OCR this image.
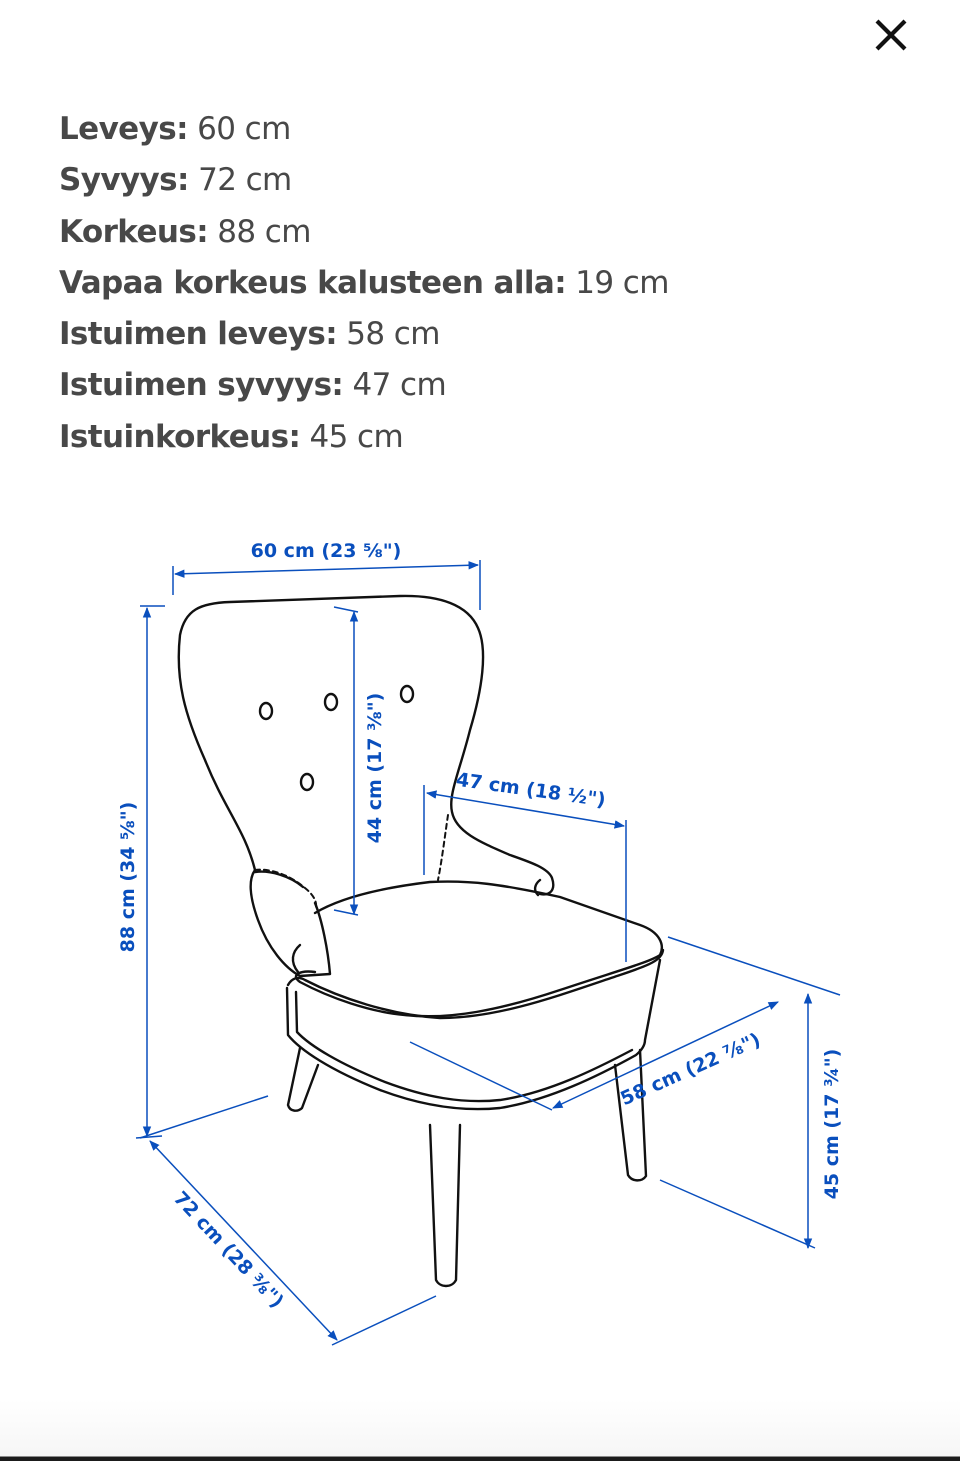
Leveys: 60 cm
Syvyys: 72 cm
Korkeus: 88 cm
Vapaa korkeus kalusteen alla: 19 cm
Istuimen leveys: 58 cm
Istuimen syvyys: 47 cm
Istuinkorkeus: 45 cm
60 cm (23 ⅝")
88 cm (34 ⅝")
44 cm (17 ⅜")	47 cm (18 ½")
58 cm (22 ⅞")	45 cm (17 ¾")
72 cm (28 ⅜")
